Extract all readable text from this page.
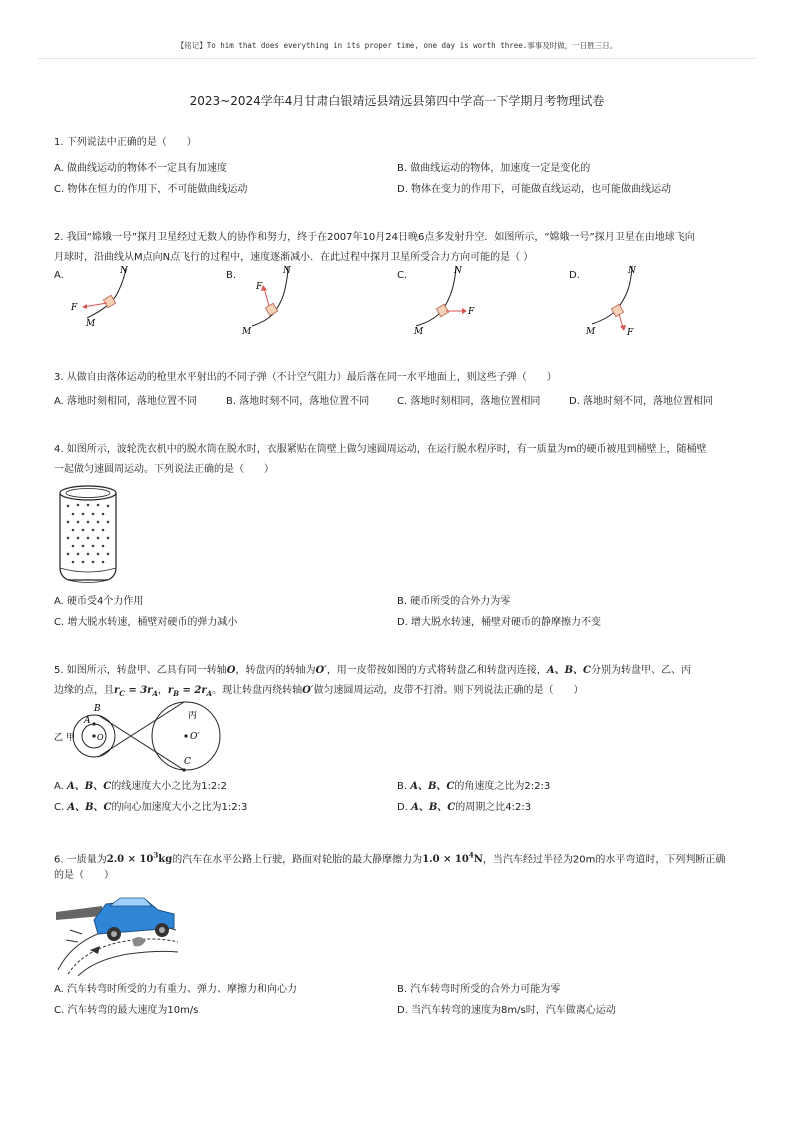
【铭记】To him that does everything in its proper time, one day is worth three.事事及时做，一日胜三日。
2023~2024学年4月甘肃白银靖远县靖远县第四中学高一下学期月考物理试卷
1. 下列说法中正确的是（　　）
A. 做曲线运动的物体不一定具有加速度	B. 做曲线运动的物体，加速度一定是变化的
C. 物体在恒力的作用下，不可能做曲线运动	D. 物体在变力的作用下，可能做直线运动，也可能做曲线运动
2. 我国“嫦娥一号”探月卫星经过无数人的协作和努力，终于在2007年10月24日晚6点多发射升空．如图所示，“嫦娥一号”探月卫星在由地球飞向
月球时，沿曲线从M点向N点飞行的过程中，速度逐渐减小．在此过程中探月卫星所受合力方向可能的是（ ）
A.	B.	C.	D.
N
F
M
N
F
M
N
F
M
N
F
M
3. 从做自由落体运动的枪里水平射出的不同子弹（不计空气阻力）最后落在同一水平地面上，则这些子弹（　　）
A. 落地时刻相同，落地位置不同	B. 落地时刻不同，落地位置不同	C. 落地时刻相同，落地位置相同	D. 落地时刻不同，落地位置相同
4. 如图所示，波轮洗衣机中的脱水筒在脱水时，衣服紧贴在筒壁上做匀速圆周运动，在运行脱水程序时，有一质量为m的硬币被甩到桶壁上，随桶壁
一起做匀速圆周运动。下列说法正确的是（　　）
A. 硬币受4个力作用	B. 硬币所受的合外力为零
C. 增大脱水转速，桶壁对硬币的弹力减小	D. 增大脱水转速，桶壁对硬币的静摩擦力不变
5. 如图所示，转盘甲、乙具有同一转轴O，转盘丙的转轴为O′，用一皮带按如图的方式将转盘乙和转盘丙连接，A、B、C分别为转盘甲、乙、丙
边缘的点，且$r_C = 3r_A$，$r_B = 2r_A$。现让转盘丙绕转轴O′做匀速圆周运动，皮带不打滑。则下列说法正确的是（　　）
B
A
甲
乙	O
丙
O′
C
A. A、B、C的线速度大小之比为1:2:2	B. A、B、C的角速度之比为2:2:3
C. A、B、C的向心加速度大小之比为1:2:3	D. A、B、C的周期之比4:2:3
6. 一质量为$2.0 \times 10^3kg$的汽车在水平公路上行驶，路面对轮胎的最大静摩擦力为$1.0 \times 10^4N$，当汽车经过半径为20m的水平弯道时，下列判断正确
的是（　　）
A. 汽车转弯时所受的力有重力、弹力、摩擦力和向心力	B. 汽车转弯时所受的合外力可能为零
C. 汽车转弯的最大速度为10m/s	D. 当汽车转弯的速度为8m/s时，汽车做离心运动
